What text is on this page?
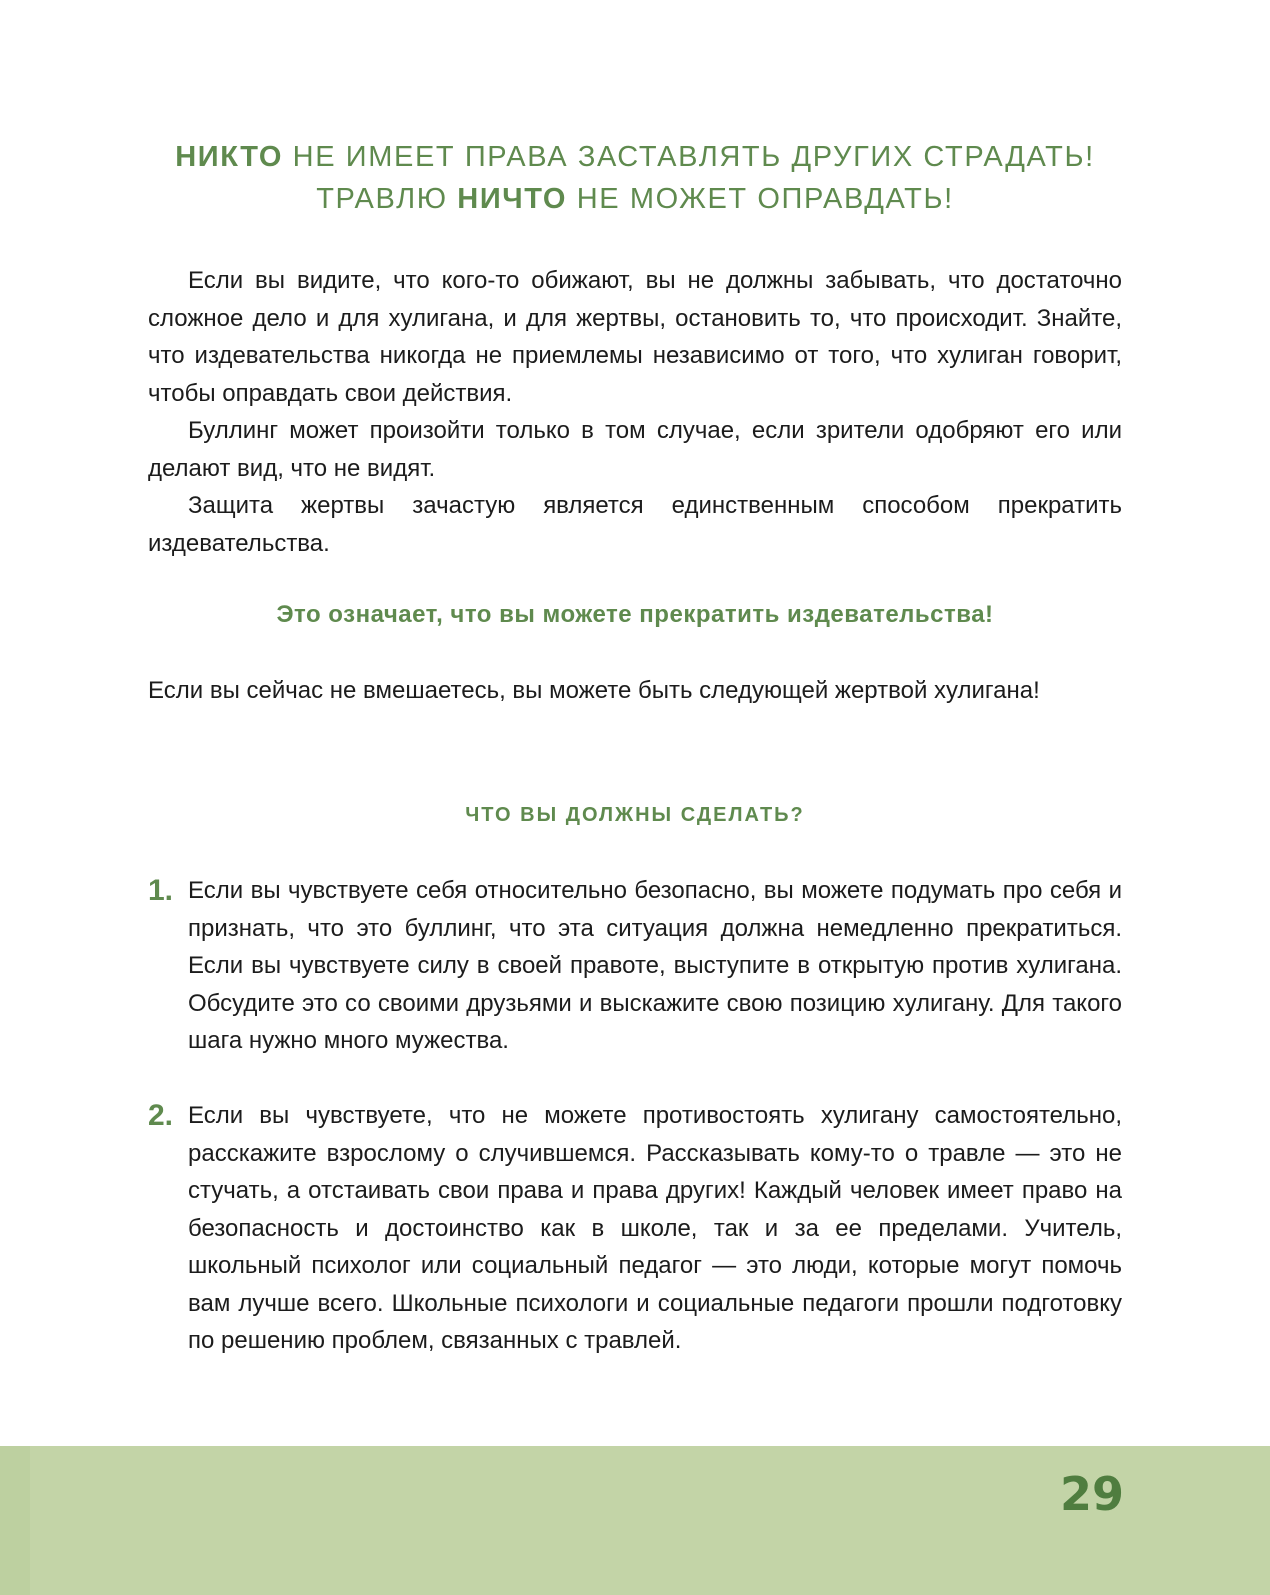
НИКТО НЕ ИМЕЕТ ПРАВА ЗАСТАВЛЯТЬ ДРУГИХ СТРАДАТЬ!
ТРАВЛЮ НИЧТО НЕ МОЖЕТ ОПРАВДАТЬ!

Если вы видите, что кого-то обижают, вы не должны забывать, что достаточно сложное дело и для хулигана, и для жертвы, остановить то, что происходит. Знайте, что издевательства никогда не приемлемы независимо от того, что хулиган говорит, чтобы оправдать свои действия.

Буллинг может произойти только в том случае, если зрители одобряют его или делают вид, что не видят.

Защита жертвы зачастую является единственным способом прекратить издевательства.

Это означает, что вы можете прекратить издевательства!
Если вы сейчас не вмешаетесь, вы можете быть следующей жертвой хулигана!
ЧТО ВЫ ДОЛЖНЫ СДЕЛАТЬ?
1. Если вы чувствуете себя относительно безопасно, вы можете подумать про себя и признать, что это буллинг, что эта ситуация должна немедленно прекратиться. Если вы чувствуете силу в своей правоте, выступите в открытую против хулигана. Обсудите это со своими друзьями и выскажите свою позицию хулигану. Для такого шага нужно много мужества.
2. Если вы чувствуете, что не можете противостоять хулигану самостоятельно, расскажите взрослому о случившемся. Рассказывать кому-то о травле — это не стучать, а отстаивать свои права и права других! Каждый человек имеет право на безопасность и достоинство как в школе, так и за ее пределами. Учитель, школьный психолог или социальный педагог — это люди, которые могут помочь вам лучше всего. Школьные психологи и социальные педагоги прошли подготовку по решению проблем, связанных с травлей.
29
